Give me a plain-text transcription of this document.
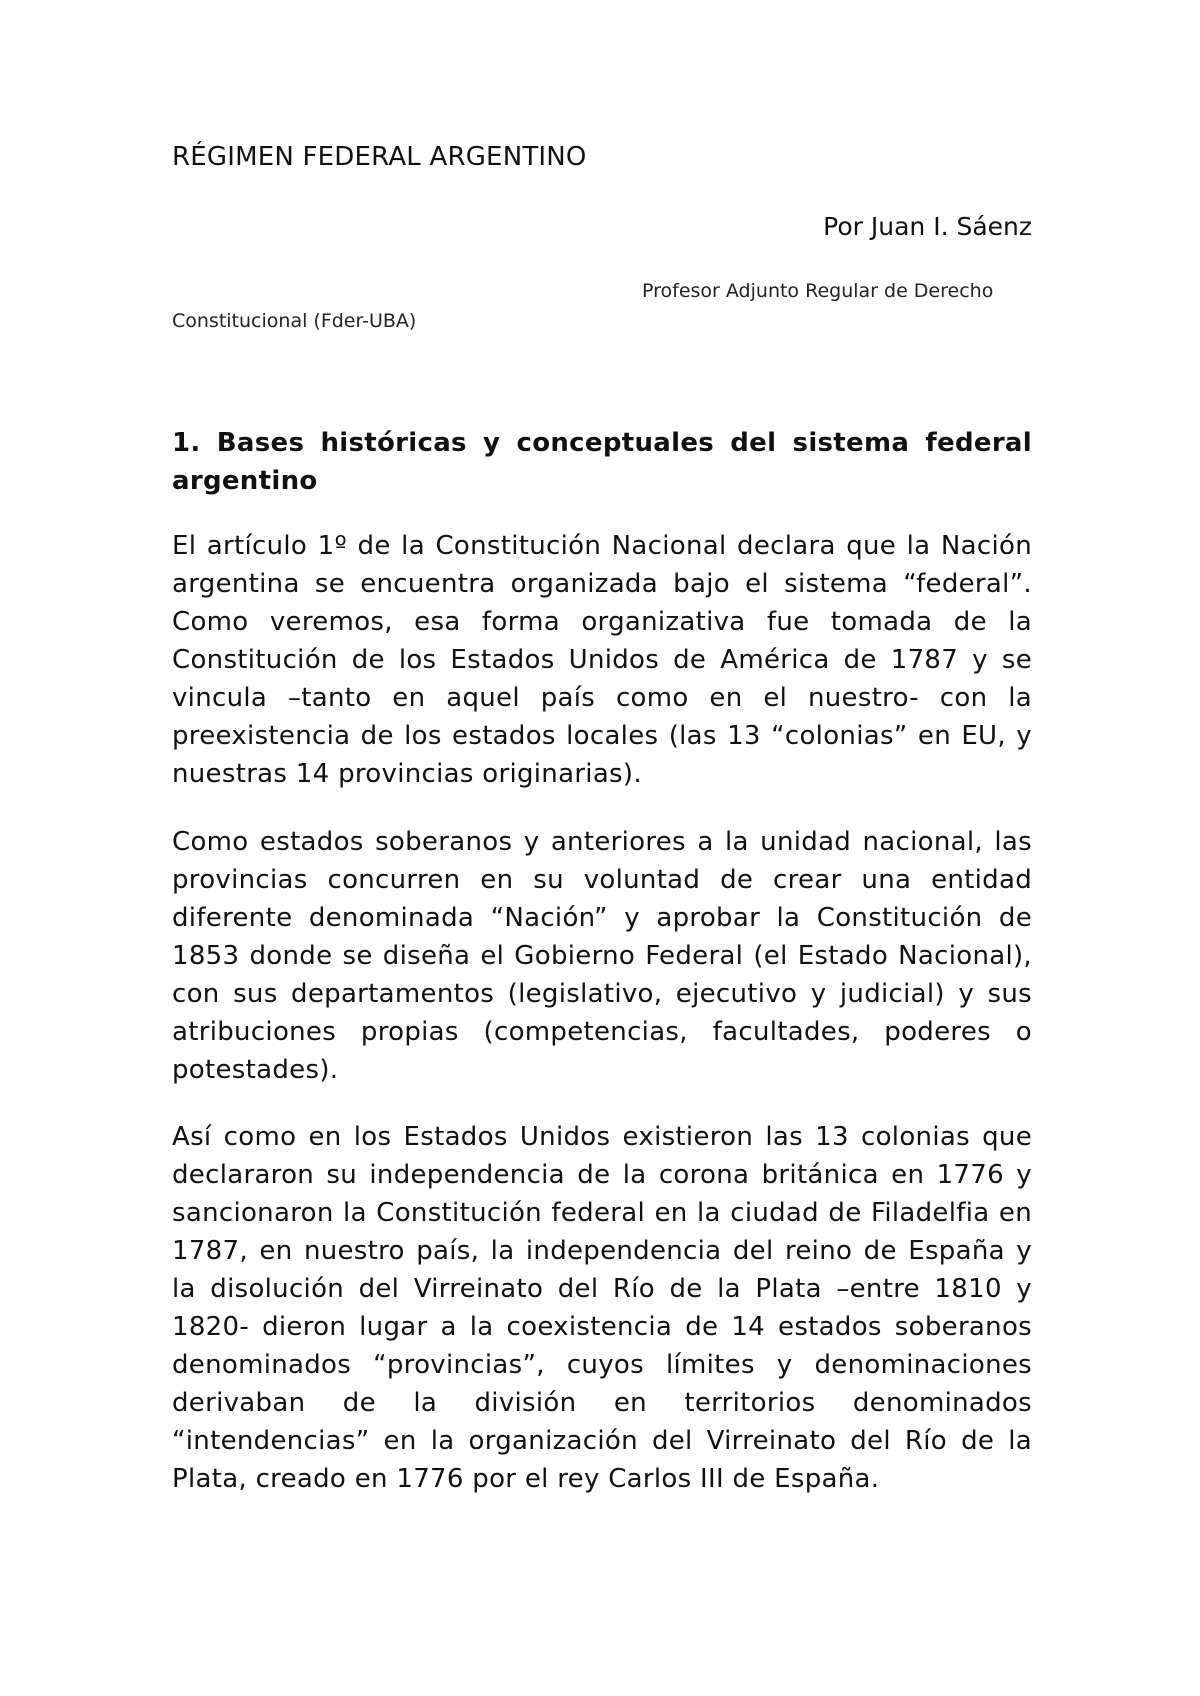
RÉGIMEN FEDERAL ARGENTINO

Por Juan I. Sáenz

Profesor Adjunto Regular de Derecho Constitucional (Fder-UBA)

1. Bases históricas y conceptuales del sistema federal argentino

El artículo 1º de la Constitución Nacional declara que la Nación argentina se encuentra organizada bajo el sistema “federal”. Como veremos, esa forma organizativa fue tomada de la Constitución de los Estados Unidos de América de 1787 y se vincula –tanto en aquel país como en el nuestro- con la preexistencia de los estados locales (las 13 “colonias” en EU, y nuestras 14 provincias originarias).

Como estados soberanos y anteriores a la unidad nacional, las provincias concurren en su voluntad de crear una entidad diferente denominada “Nación” y aprobar la Constitución de 1853 donde se diseña el Gobierno Federal (el Estado Nacional), con sus departamentos (legislativo, ejecutivo y judicial) y sus atribuciones propias (competencias, facultades, poderes o potestades).

Así como en los Estados Unidos existieron las 13 colonias que declararon su independencia de la corona británica en 1776 y sancionaron la Constitución federal en la ciudad de Filadelfia en 1787, en nuestro país, la independencia del reino de España y la disolución del Virreinato del Río de la Plata –entre 1810 y 1820- dieron lugar a la coexistencia de 14 estados soberanos denominados “provincias”, cuyos límites y denominaciones derivaban de la división en territorios denominados “intendencias” en la organización del Virreinato del Río de la Plata, creado en 1776 por el rey Carlos III de España.
